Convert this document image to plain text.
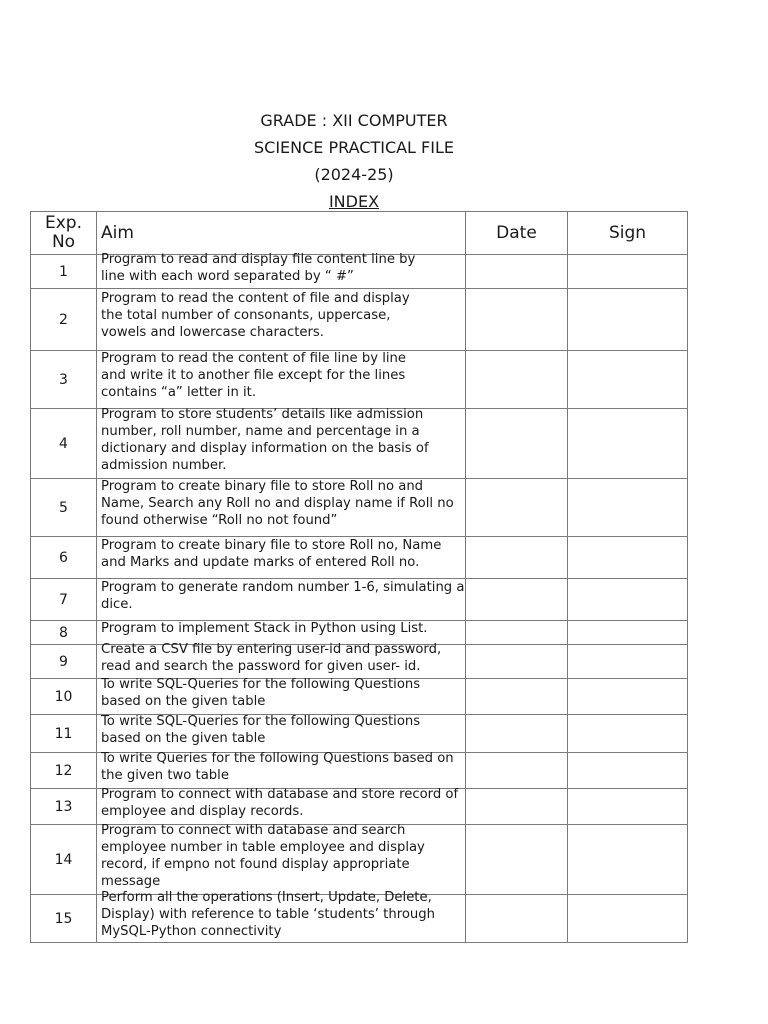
GRADE : XII COMPUTER
SCIENCE PRACTICAL FILE
(2024-25)
INDEX
Exp.
No	Aim	Date	Sign
1	Program to read and display file content line by
line with each word separated by “ #”		

2	Program to read the content of file and display
the total number of consonants, uppercase,
vowels and lowercase characters.		

3	Program to read the content of file line by line
and write it to another file except for the lines
contains “a” letter in it.		

4	Program to store students’ details like admission
number, roll number, name and percentage in a
dictionary and display information on the basis of
admission number.		

5	Program to create binary file to store Roll no and
Name, Search any Roll no and display name if Roll no
found otherwise “Roll no not found”		

6	Program to create binary file to store Roll no, Name
and Marks and update marks of entered Roll no.		

7	Program to generate random number 1-6, simulating a
dice.		

8	Program to implement Stack in Python using List.		

9	Create a CSV file by entering user-id and password,
read and search the password for given user- id.		

10	To write SQL-Queries for the following Questions
based on the given table		

11	To write SQL-Queries for the following Questions
based on the given table		

12	To write Queries for the following Questions based on
the given two table		

13	Program to connect with database and store record of
employee and display records.		

14	Program to connect with database and search
employee number in table employee and display
record, if empno not found display appropriate
message		

15	Perform all the operations (Insert, Update, Delete,
Display) with reference to table ‘students’ through
MySQL-Python connectivity		
